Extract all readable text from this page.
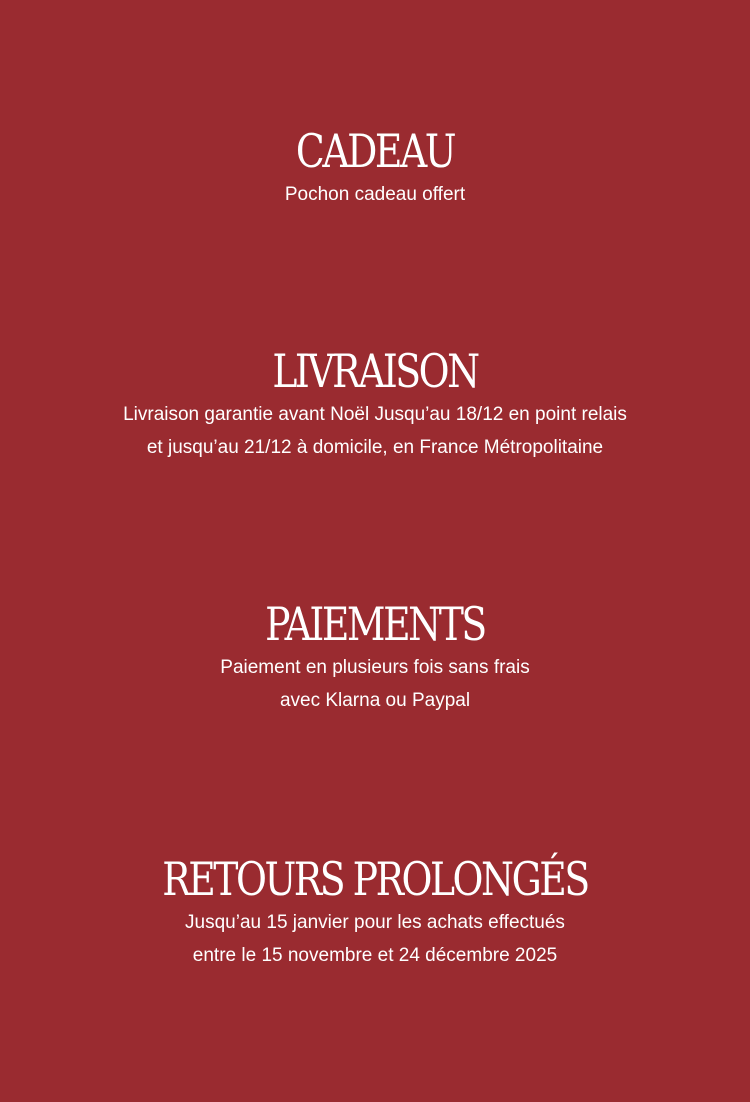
CADEAU

Pochon cadeau offert

LIVRAISON

Livraison garantie avant Noël Jusqu’au 18/12 en point relais

et jusqu’au 21/12 à domicile, en France Métropolitaine

PAIEMENTS

Paiement en plusieurs fois sans frais

avec Klarna ou Paypal

RETOURS PROLONGÉS

Jusqu’au 15 janvier pour les achats effectués

entre le 15 novembre et 24 décembre 2025
